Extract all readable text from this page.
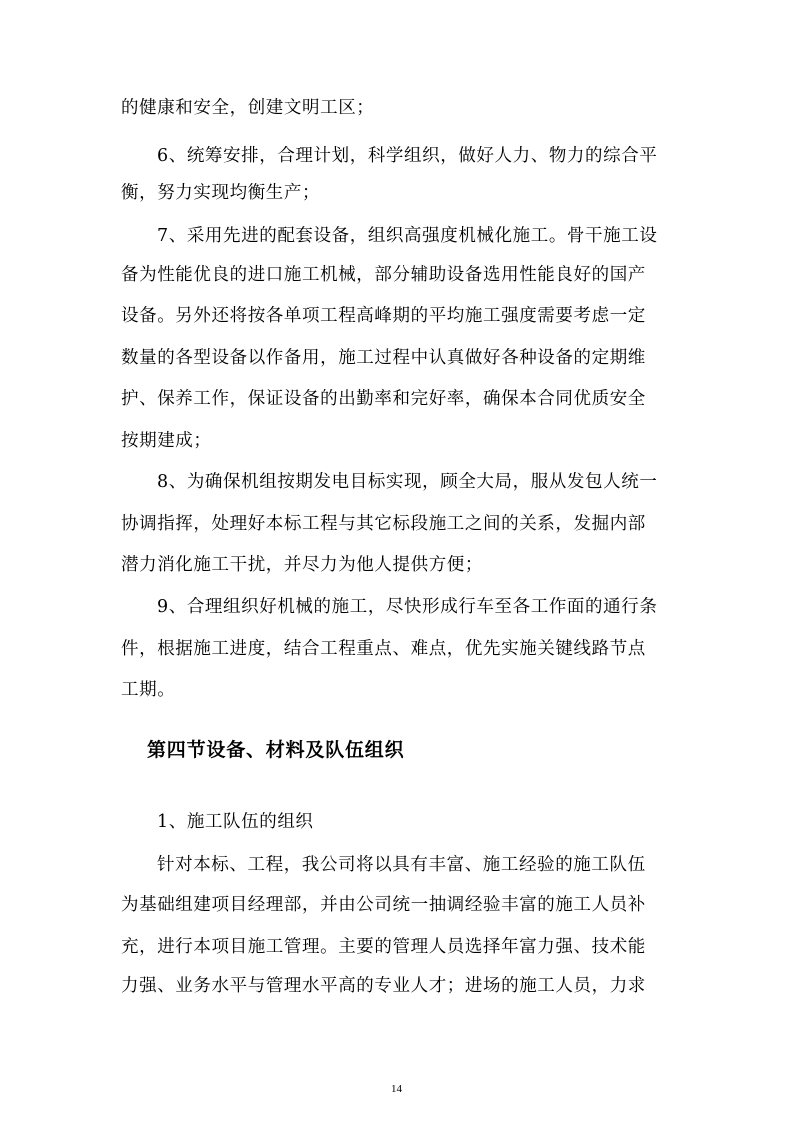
的健康和安全，创建文明工区；
6、统筹安排，合理计划，科学组织，做好人力、物力的综合平
衡，努力实现均衡生产；
7、采用先进的配套设备，组织高强度机械化施工。骨干施工设
备为性能优良的进口施工机械，部分辅助设备选用性能良好的国产
设备。另外还将按各单项工程高峰期的平均施工强度需要考虑一定
数量的各型设备以作备用，施工过程中认真做好各种设备的定期维
护、保养工作，保证设备的出勤率和完好率，确保本合同优质安全
按期建成；
8、为确保机组按期发电目标实现，顾全大局，服从发包人统一
协调指挥，处理好本标工程与其它标段施工之间的关系，发掘内部
潜力消化施工干扰，并尽力为他人提供方便；
9、合理组织好机械的施工，尽快形成行车至各工作面的通行条
件，根据施工进度，结合工程重点、难点，优先实施关键线路节点
工期。
第四节设备、材料及队伍组织
1、施工队伍的组织
针对本标、工程，我公司将以具有丰富、施工经验的施工队伍
为基础组建项目经理部，并由公司统一抽调经验丰富的施工人员补
充，进行本项目施工管理。主要的管理人员选择年富力强、技术能
力强、业务水平与管理水平高的专业人才；进场的施工人员，力求
14
